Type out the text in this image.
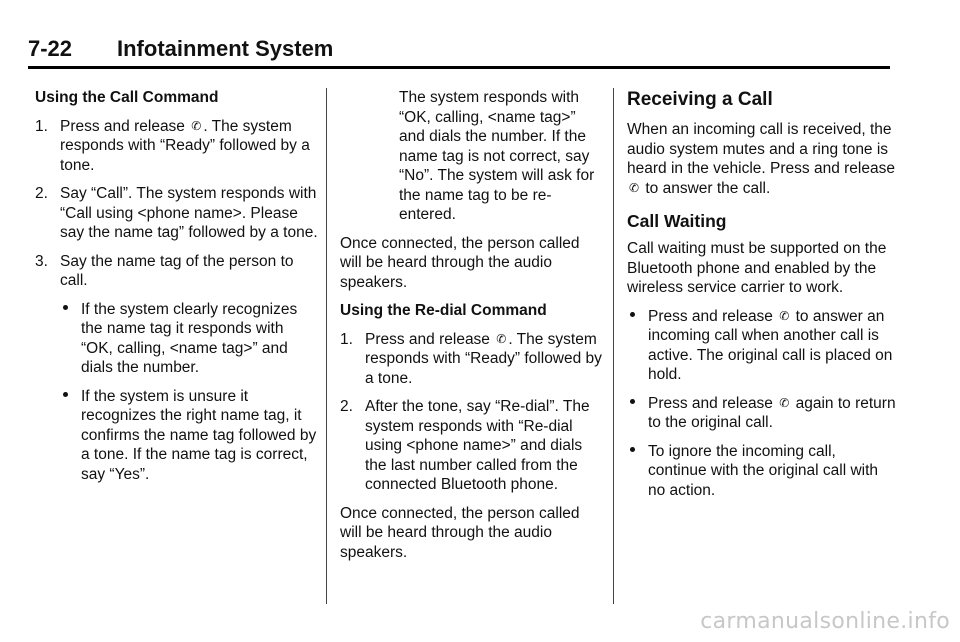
7-22 Infotainment System
Using the Call Command
1. Press and release ✆ . The system responds with “Ready” followed by a tone.
2. Say “Call”. The system responds with “Call using <phone name>. Please say the name tag” followed by a tone.
3. Say the name tag of the person to call.
If the system clearly recognizes the name tag it responds with “OK, calling, <name tag>” and dials the number.
If the system is unsure it recognizes the right name tag, it confirms the name tag followed by a tone. If the name tag is correct, say “Yes”.
The system responds with “OK, calling, <name tag>” and dials the number. If the name tag is not correct, say “No”. The system will ask for the name tag to be re-entered.
Once connected, the person called will be heard through the audio speakers.
Using the Re-dial Command
1. Press and release ✆ . The system responds with “Ready” followed by a tone.
2. After the tone, say “Re-dial”. The system responds with “Re-dial using <phone name>” and dials the last number called from the connected Bluetooth phone.
Once connected, the person called will be heard through the audio speakers.
Receiving a Call
When an incoming call is received, the audio system mutes and a ring tone is heard in the vehicle. Press and release ✆ to answer the call.
Call Waiting
Call waiting must be supported on the Bluetooth phone and enabled by the wireless service carrier to work.
Press and release ✆ to answer an incoming call when another call is active. The original call is placed on hold.
Press and release ✆ again to return to the original call.
To ignore the incoming call, continue with the original call with no action.
carmanualsonline.info
